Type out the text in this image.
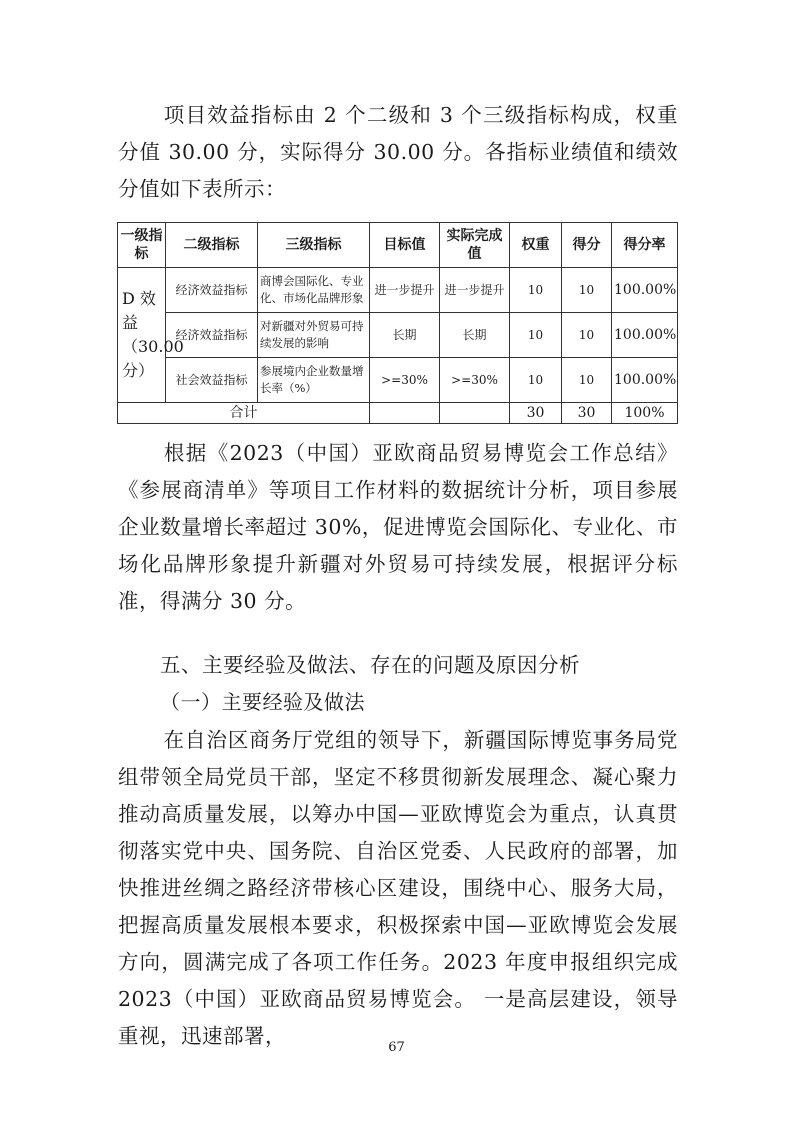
项目效益指标由 2 个二级和 3 个三级指标构成，权重分值 30.00 分，实际得分 30.00 分。各指标业绩值和绩效分值如下表所示：

一级指标	二级指标	三级指标	目标值	实际完成值	权重	得分	得分率
D 效益（30.00分）	经济效益指标	商博会国际化、专业化、市场化品牌形象	进一步提升	进一步提升	10	10	100.00%
	经济效益指标	对新疆对外贸易可持续发展的影响	长期	长期	10	10	100.00%
	社会效益指标	参展境内企业数量增长率（%）	>=30%	>=30%	10	10	100.00%
合计					30	30	100%

根据《2023（中国）亚欧商品贸易博览会工作总结》《参展商清单》等项目工作材料的数据统计分析，项目参展企业数量增长率超过 30%，促进博览会国际化、专业化、市场化品牌形象提升新疆对外贸易可持续发展，根据评分标准，得满分 30 分。

五、主要经验及做法、存在的问题及原因分析

（一）主要经验及做法

在自治区商务厅党组的领导下，新疆国际博览事务局党组带领全局党员干部，坚定不移贯彻新发展理念、凝心聚力推动高质量发展，以筹办中国—亚欧博览会为重点，认真贯彻落实党中央、国务院、自治区党委、人民政府的部署，加快推进丝绸之路经济带核心区建设，围绕中心、服务大局，把握高质量发展根本要求，积极探索中国—亚欧博览会发展方向，圆满完成了各项工作任务。2023 年度申报组织完成 2023（中国）亚欧商品贸易博览会。 一是高层建设，领导重视，迅速部署，	67
